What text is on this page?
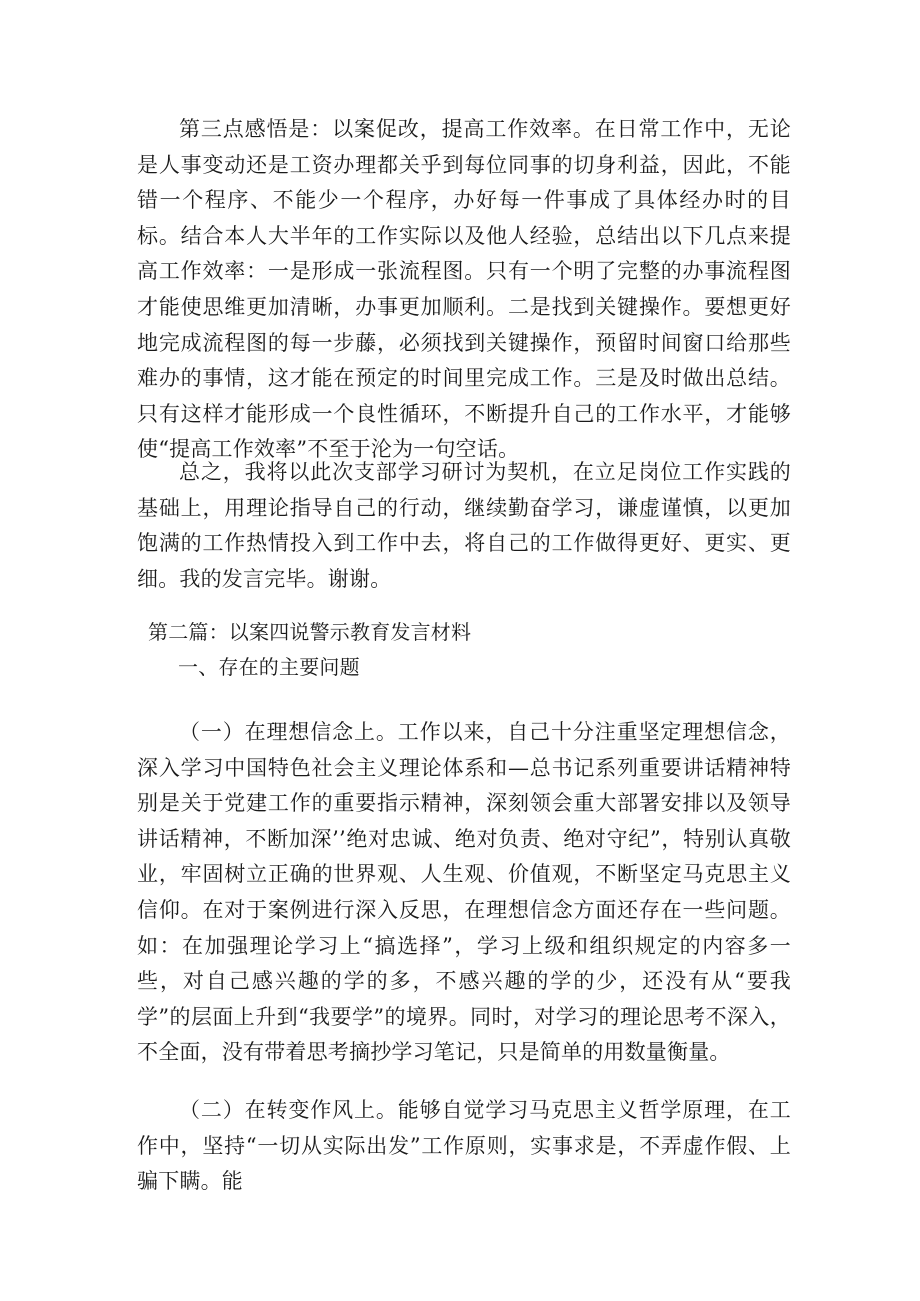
第三点感悟是：以案促改，提高工作效率。在日常工作中，无论是人事变动还是工资办理都关乎到每位同事的切身利益，因此，不能错一个程序、不能少一个程序，办好每一件事成了具体经办时的目标。结合本人大半年的工作实际以及他人经验，总结出以下几点来提高工作效率：一是形成一张流程图。只有一个明了完整的办事流程图才能使思维更加清晰，办事更加顺利。二是找到关键操作。要想更好地完成流程图的每一步藤，必须找到关键操作，预留时间窗口给那些难办的事情，这才能在预定的时间里完成工作。三是及时做出总结。只有这样才能形成一个良性循环，不断提升自己的工作水平，才能够使“提高工作效率”不至于沦为一句空话。

总之，我将以此次支部学习研讨为契机，在立足岗位工作实践的基础上，用理论指导自己的行动，继续勤奋学习，谦虚谨慎，以更加饱满的工作热情投入到工作中去，将自己的工作做得更好、更实、更细。我的发言完毕。谢谢。

第二篇：以案四说警示教育发言材料
一、存在的主要问题

（一）在理想信念上。工作以来，自己十分注重坚定理想信念，深入学习中国特色社会主义理论体系和—总书记系列重要讲话精神特别是关于党建工作的重要指示精神，深刻领会重大部署安排以及领导讲话精神，不断加深’’绝对忠诚、绝对负责、绝对守纪”，特别认真敬业，牢固树立正确的世界观、人生观、价值观，不断坚定马克思主义信仰。在对于案例进行深入反思，在理想信念方面还存在一些问题。如：在加强理论学习上“搞选择”，学习上级和组织规定的内容多一些，对自己感兴趣的学的多，不感兴趣的学的少，还没有从“要我学”的层面上升到“我要学”的境界。同时，对学习的理论思考不深入，不全面，没有带着思考摘抄学习笔记，只是简单的用数量衡量。

（二）在转变作风上。能够自觉学习马克思主义哲学原理，在工作中，坚持“一切从实际出发”工作原则，实事求是，不弄虚作假、上骗下瞒。能
